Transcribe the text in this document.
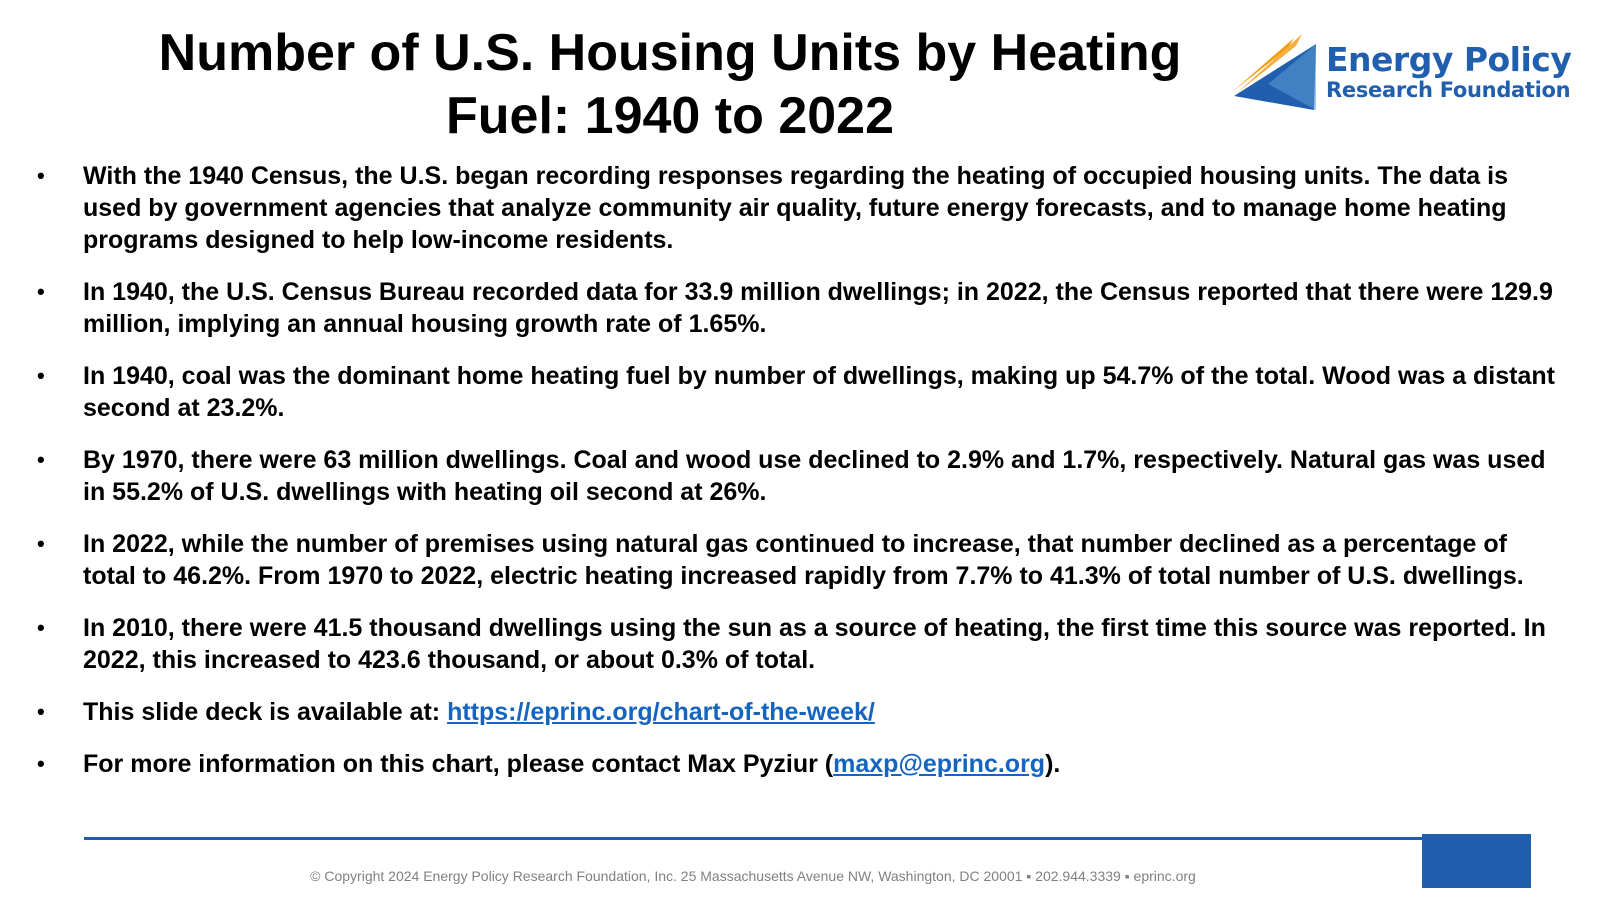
Number of U.S. Housing Units by Heating Fuel: 1940 to 2022
Energy Policy
Research Foundation
• With the 1940 Census, the U.S. began recording responses regarding the heating of occupied housing units. The data is used by government agencies that analyze community air quality, future energy forecasts, and to manage home heating programs designed to help low-income residents.
• In 1940, the U.S. Census Bureau recorded data for 33.9 million dwellings; in 2022, the Census reported that there were 129.9 million, implying an annual housing growth rate of 1.65%.
• In 1940, coal was the dominant home heating fuel by number of dwellings, making up 54.7% of the total. Wood was a distant second at 23.2%.
• By 1970, there were 63 million dwellings. Coal and wood use declined to 2.9% and 1.7%, respectively. Natural gas was used in 55.2% of U.S. dwellings with heating oil second at 26%.
• In 2022, while the number of premises using natural gas continued to increase, that number declined as a percentage of total to 46.2%. From 1970 to 2022, electric heating increased rapidly from 7.7% to 41.3% of total number of U.S. dwellings.
• In 2010, there were 41.5 thousand dwellings using the sun as a source of heating, the first time this source was reported. In 2022, this increased to 423.6 thousand, or about 0.3% of total.
• This slide deck is available at: https://eprinc.org/chart-of-the-week/
• For more information on this chart, please contact Max Pyziur (maxp@eprinc.org).
© Copyright 2024 Energy Policy Research Foundation, Inc. 25 Massachusetts Avenue NW, Washington, DC 20001 ▪ 202.944.3339 ▪ eprinc.org
